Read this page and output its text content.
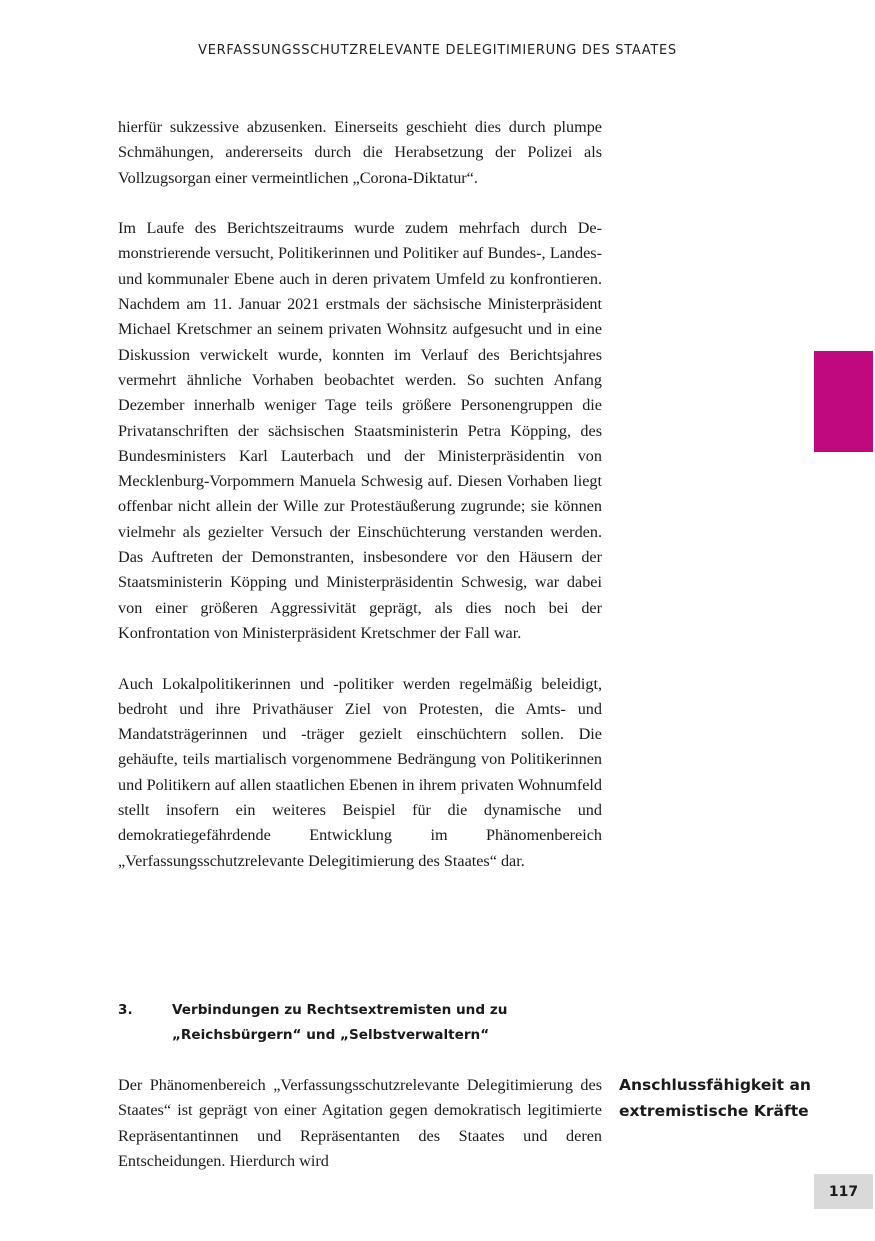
VERFASSUNGSSCHUTZRELEVANTE DELEGITIMIERUNG DES STAATES

hierfür sukzessive abzusenken. Einerseits geschieht dies durch plumpe Schmähungen, andererseits durch die Herabsetzung der Polizei als Vollzugsorgan einer vermeintlichen „Corona-Diktatur“.

Im Laufe des Berichtszeitraums wurde zudem mehrfach durch Demonstrierende versucht, Politikerinnen und Politiker auf Bundes-, Landes- und kommunaler Ebene auch in deren privatem Umfeld zu konfrontieren. Nachdem am 11. Januar 2021 erstmals der sächsische Ministerpräsident Michael Kretschmer an seinem privaten Wohnsitz aufgesucht und in eine Diskussion verwickelt wurde, konnten im Verlauf des Berichtsjahres vermehrt ähnliche Vorhaben beobachtet werden. So suchten Anfang Dezember innerhalb weniger Tage teils größere Personengruppen die Privatanschriften der sächsischen Staatsministerin Petra Köpping, des Bundesministers Karl Lauterbach und der Ministerpräsidentin von Mecklenburg-Vorpommern Manuela Schwesig auf. Diesen Vorhaben liegt offenbar nicht allein der Wille zur Protestäußerung zugrunde; sie können vielmehr als gezielter Versuch der Einschüchterung verstanden werden. Das Auftreten der Demonstranten, insbesondere vor den Häusern der Staatsministerin Köpping und Ministerpräsidentin Schwesig, war dabei von einer größeren Aggressivität geprägt, als dies noch bei der Konfrontation von Ministerpräsident Kretschmer der Fall war.

Auch Lokalpolitikerinnen und -politiker werden regelmäßig beleidigt, bedroht und ihre Privathäuser Ziel von Protesten, die Amts- und Mandatsträgerinnen und -träger gezielt einschüchtern sollen. Die gehäufte, teils martialisch vorgenommene Bedrängung von Politikerinnen und Politikern auf allen staatlichen Ebenen in ihrem privaten Wohnumfeld stellt insofern ein weiteres Beispiel für die dynamische und demokratiegefährdende Entwicklung im Phänomenbereich „Verfassungsschutzrelevante Delegitimierung des Staates“ dar.

3.	Verbindungen zu Rechtsextremisten und zu
„Reichsbürgern“ und „Selbstverwaltern“

Der Phänomenbereich „Verfassungsschutzrelevante Delegitimierung des Staates“ ist geprägt von einer Agitation gegen demokratisch legitimierte Repräsentantinnen und Repräsentanten des Staates und deren Entscheidungen. Hierdurch wird

Anschlussfähigkeit an
extremistische Kräfte
117
